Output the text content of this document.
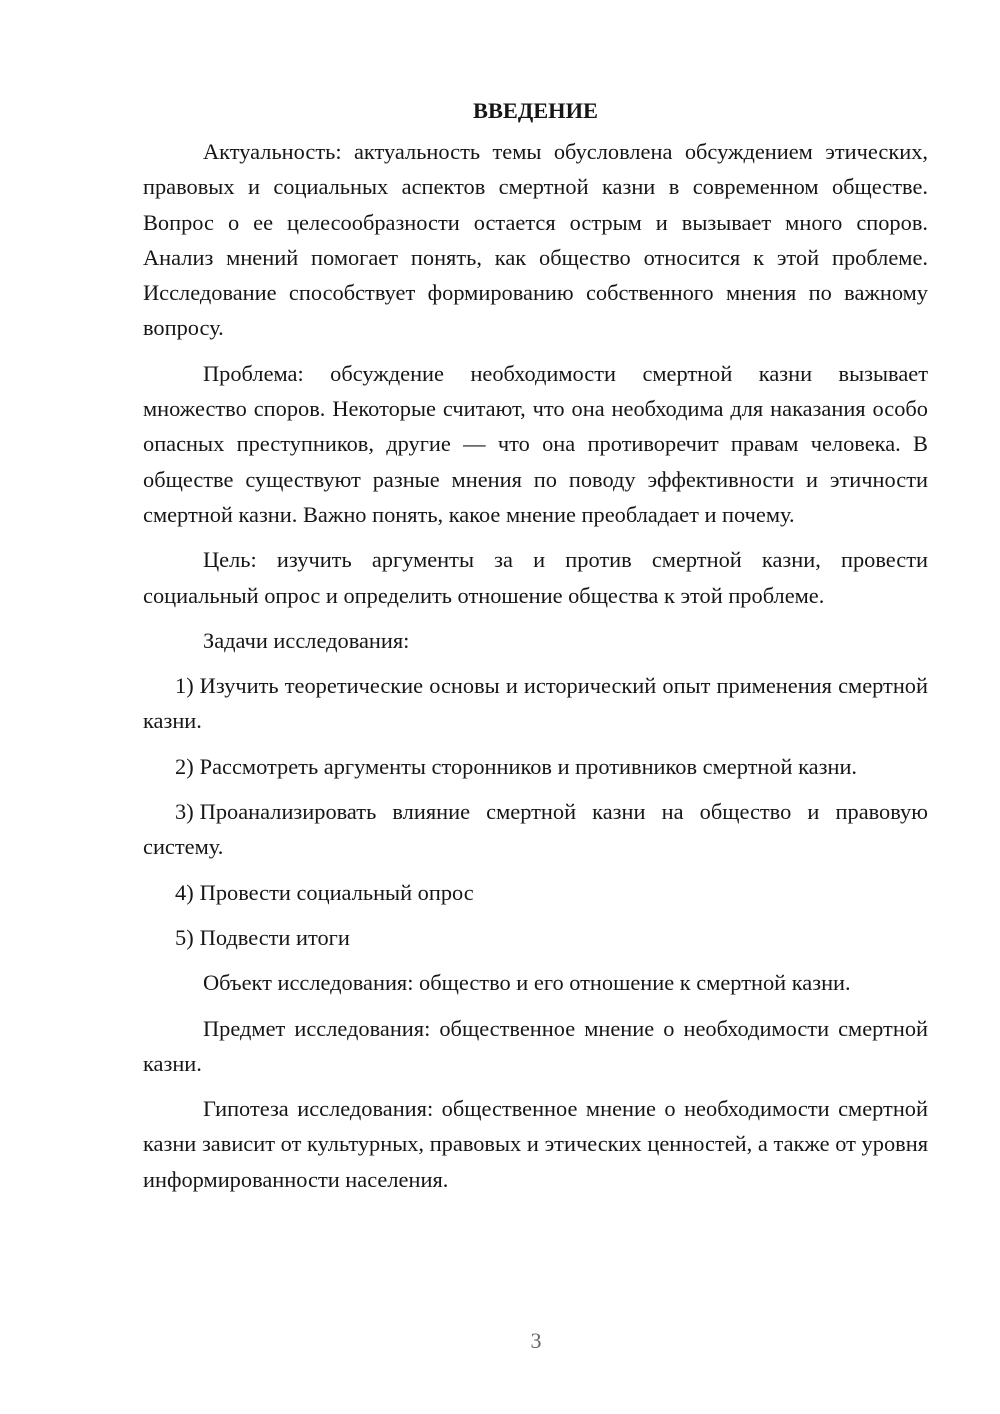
ВВЕДЕНИЕ

Актуальность: актуальность темы обусловлена обсуждением этических, правовых и социальных аспектов смертной казни в современном обществе. Вопрос о ее целесообразности остается острым и вызывает много споров. Анализ мнений помогает понять, как общество относится к этой проблеме. Исследование способствует формированию собственного мнения по важному вопросу.

Проблема: обсуждение необходимости смертной казни вызывает множество споров. Некоторые считают, что она необходима для наказания особо опасных преступников, другие — что она противоречит правам человека. В обществе существуют разные мнения по поводу эффективности и этичности смертной казни. Важно понять, какое мнение преобладает и почему.

Цель: изучить аргументы за и против смертной казни, провести социальный опрос и определить отношение общества к этой проблеме.

Задачи исследования:

1) Изучить теоретические основы и исторический опыт применения смертной казни.

2) Рассмотреть аргументы сторонников и противников смертной казни.

3) Проанализировать влияние смертной казни на общество и правовую систему.

4) Провести социальный опрос

5) Подвести итоги

Объект исследования: общество и его отношение к смертной казни.

Предмет исследования: общественное мнение о необходимости смертной казни.

Гипотеза исследования: общественное мнение о необходимости смертной казни зависит от культурных, правовых и этических ценностей, а также от уровня информированности населения.

3
